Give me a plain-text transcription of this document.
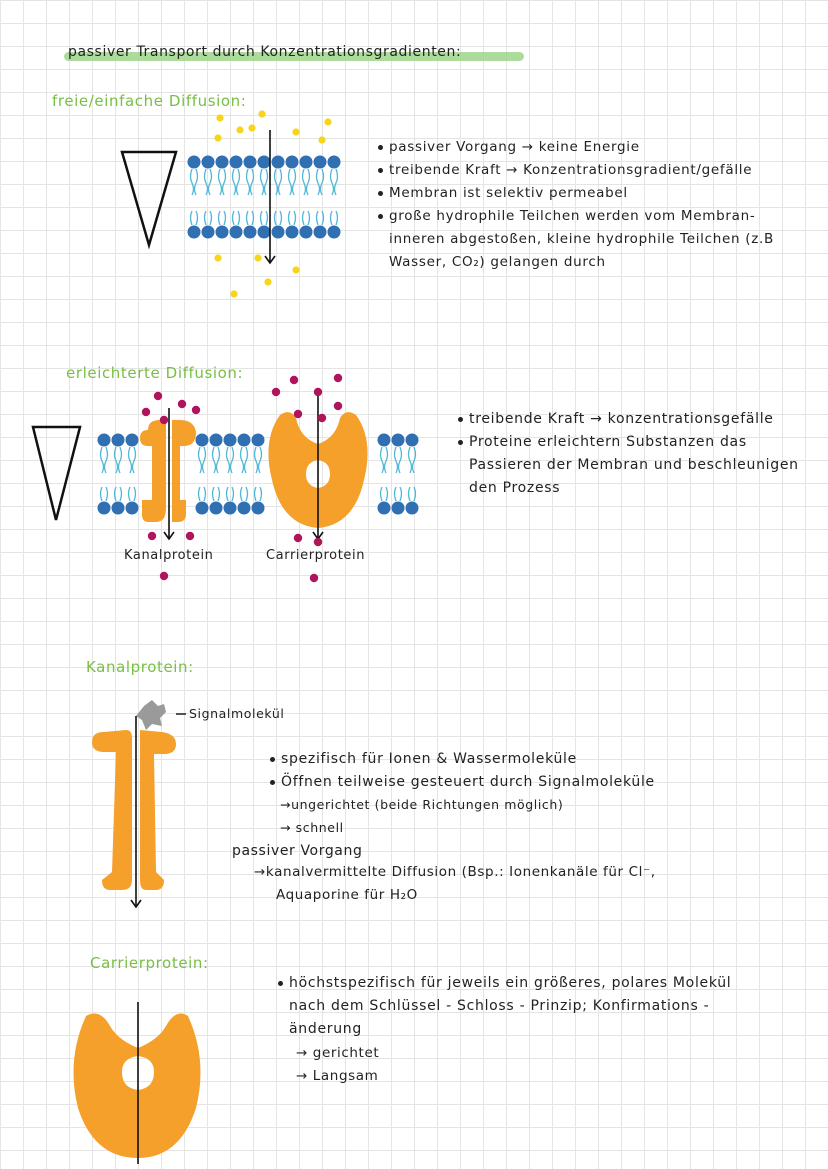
passiver Transport durch Konzentrationsgradienten:
freie/einfache Diffusion:
passiver Vorgang → keine Energie
treibende Kraft → Konzentrationsgradient/gefälle
Membran ist selektiv permeabel
große hydrophile Teilchen werden vom Membran-
inneren abgestoßen, kleine hydrophile Teilchen (z.B
Wasser, CO₂) gelangen durch
erleichterte Diffusion:
Kanalprotein	Carrierprotein
treibende Kraft → konzentrationsgefälle
Proteine erleichtern Substanzen das
Passieren der Membran und beschleunigen
den Prozess
Kanalprotein:
Signalmolekül
spezifisch für Ionen & Wassermoleküle
Öffnen teilweise gesteuert durch Signalmoleküle
→ungerichtet (beide Richtungen möglich)
→ schnell
passiver Vorgang
→kanalvermittelte Diffusion (Bsp.: Ionenkanäle für Cl⁻,
Aquaporine für H₂O
Carrierprotein:
höchstspezifisch für jeweils ein größeres, polares Molekül
nach dem Schlüssel - Schloss - Prinzip; Konfirmations -
änderung
→ gerichtet
→ Langsam
